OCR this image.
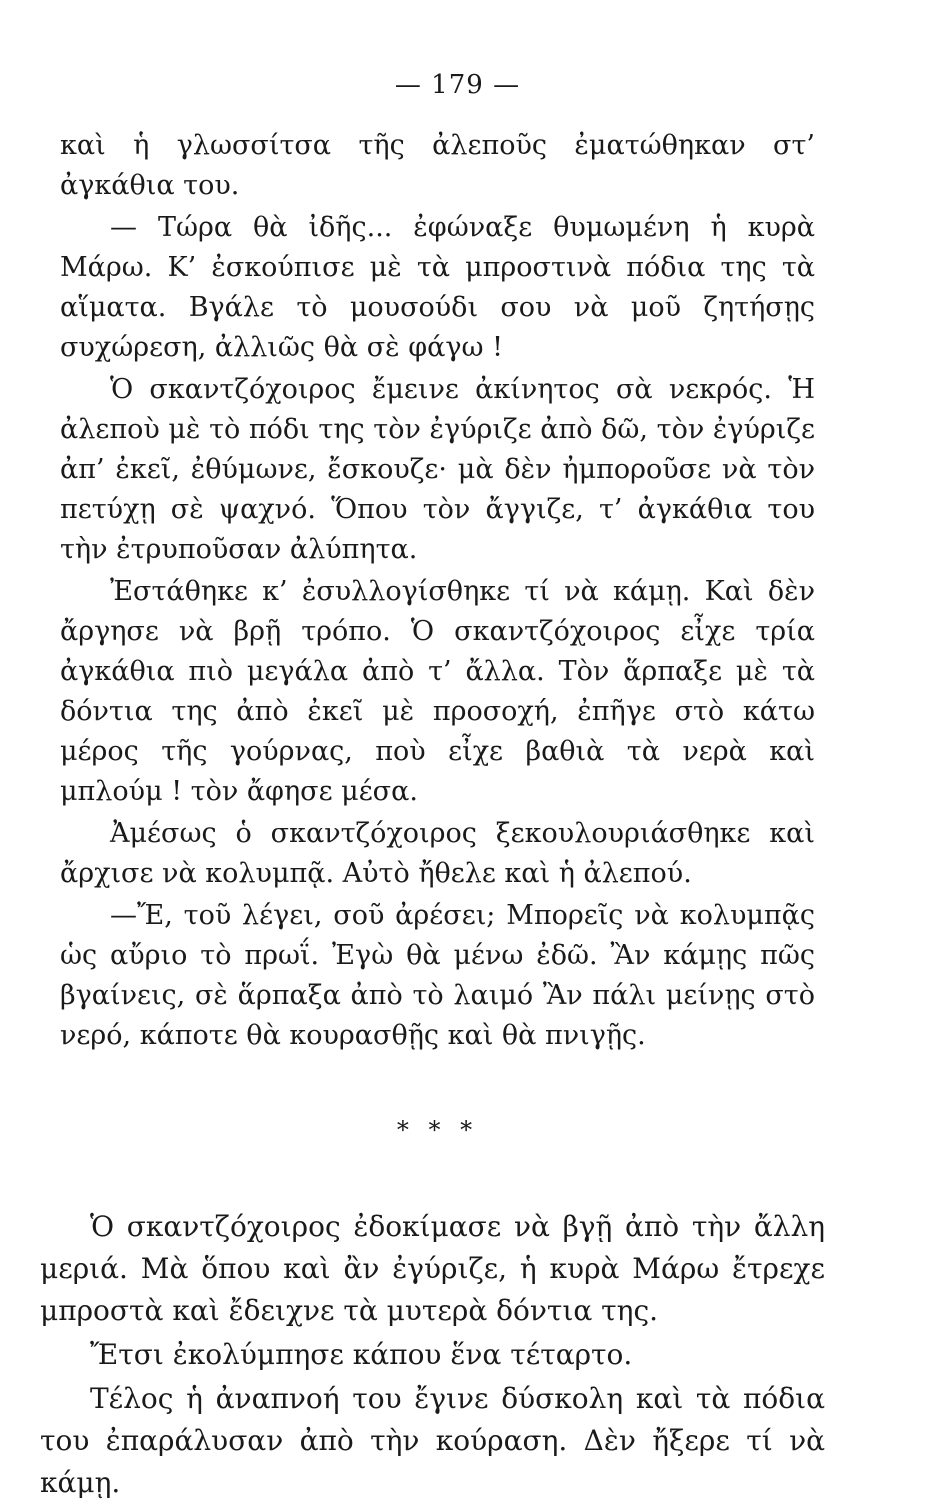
— 179 —

καὶ ἡ γλωσσίτσα τῆς ἀλεποῦς ἐματώθηκαν στ’ ἀγκάθια του.

— Τώρα θὰ ἰδῆς... ἐφώναξε θυμωμένη ἡ κυρὰ Μάρω. Κ’ ἐσκούπισε μὲ τὰ μπροστινὰ πόδια της τὰ αἵματα. Βγάλε τὸ μουσούδι σου νὰ μοῦ ζητήσῃς συχώρεση, ἀλλιῶς θὰ σὲ φάγω !

Ὁ σκαντζόχοιρος ἔμεινε ἀκίνητος σὰ νεκρός. Ἡ ἀλεποὺ μὲ τὸ πόδι της τὸν ἐγύριζε ἀπὸ δῶ, τὸν ἐγύριζε ἀπ’ ἐκεῖ, ἐθύμωνε, ἔσκουζε· μὰ δὲν ἠμποροῦσε νὰ τὸν πετύχῃ σὲ ψαχνό. Ὅπου τὸν ἄγγιζε, τ’ ἀγκάθια του τὴν ἐτρυποῦσαν ἀλύπητα.

Ἐστάθηκε κ’ ἐσυλλογίσθηκε τί νὰ κάμῃ. Καὶ δὲν ἄργησε νὰ βρῇ τρόπο. Ὁ σκαντζόχοιρος εἶχε τρία ἀγκάθια πιὸ μεγάλα ἀπὸ τ’ ἄλλα. Τὸν ἅρπαξε μὲ τὰ δόντια της ἀπὸ ἐκεῖ μὲ προσοχή, ἐπῆγε στὸ κάτω μέρος τῆς γούρνας, ποὺ εἶχε βαθιὰ τὰ νερὰ καὶ μπλούμ ! τὸν ἄφησε μέσα.

Ἀμέσως ὁ σκαντζόχοιρος ξεκουλουριάσθηκε καὶ ἄρχισε νὰ κολυμπᾷ. Αὐτὸ ἤθελε καὶ ἡ ἀλεπού.

—Ἔ, τοῦ λέγει, σοῦ ἀρέσει; Μπορεῖς νὰ κολυμπᾷς ὡς αὔριο τὸ πρωΐ. Ἐγὼ θὰ μένω ἐδῶ. Ἂν κάμῃς πῶς βγαίνεις, σὲ ἅρπαξα ἀπὸ τὸ λαιμό Ἂν πάλι μείνῃς στὸ νερό, κάποτε θὰ κουρασθῇς καὶ θὰ πνιγῇς.

* * *

Ὁ σκαντζόχοιρος ἐδοκίμασε νὰ βγῇ ἀπὸ τὴν ἄλλη μεριά. Μὰ ὅπου καὶ ἂν ἐγύριζε, ἡ κυρὰ Μάρω ἔτρεχε μπροστὰ καὶ ἔδειχνε τὰ μυτερὰ δόντια της.

Ἔτσι ἐκολύμπησε κάπου ἕνα τέταρτο.

Τέλος ἡ ἀναπνοή του ἔγινε δύσκολη καὶ τὰ πόδια του ἐπαράλυσαν ἀπὸ τὴν κούραση. Δὲν ἤξερε τί νὰ κάμῃ.
